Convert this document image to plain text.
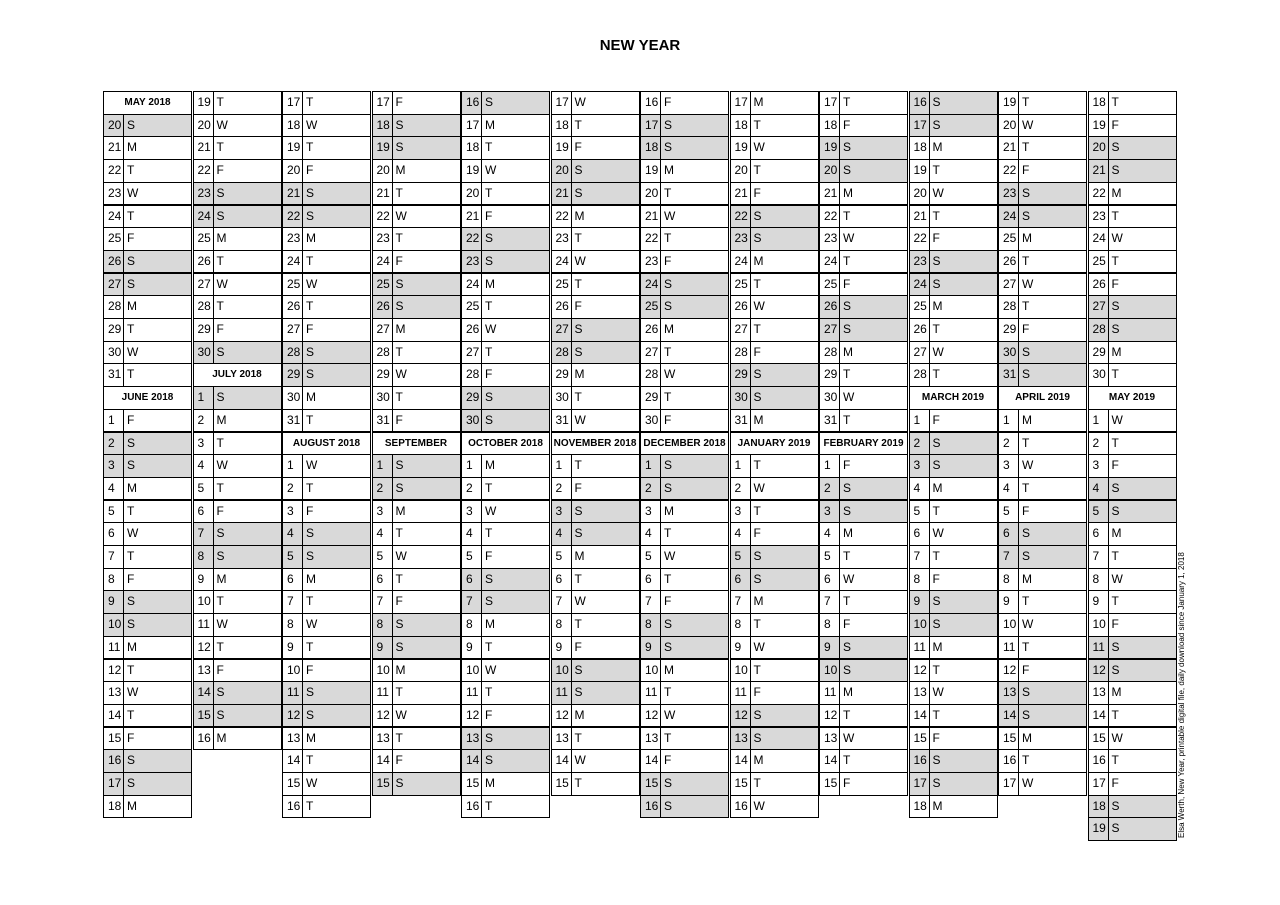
NEW YEAR
MAY 2018
20 S
21 M
22 T
23 W
24 T
25 F
26 S
27 S
28 M
29 T
30 W
31 T
JUNE 2018
1	F
2	S
3	S
4	M
5	T
6	W
7	T
8	F
9	S
10 S
11 M
12 T
13 W
14 T
15 F
16 S
17 S
18 M
19 T
20 W
21 T
22 F
23 S
24 S
25 M
26 T
27 W
28 T
29 F
30 S
JULY 2018
1	S
2	M
3	T
4	W
5	T
6	F
7	S
8	S
9	M
10 T
11 W
12 T
13 F
14 S
15 S
16 M
17 T
18 W
19 T
20 F
21 S
22 S
23 M
24 T
25 W
26 T
27 F
28 S
29 S
30 M
31 T
AUGUST 2018
1	W
2	T
3	F
4	S
5	S
6	M
7	T
8	W
9	T
10 F
11 S
12 S
13 M
14 T
15 W
16 T
17 F
18 S
19 S
20 M
21 T
22 W
23 T
24 F
25 S
26 S
27 M
28 T
29 W
30 T
31 F
SEPTEMBER
1	S
2	S
3	M
4	T
5	W
6	T
7	F
8	S
9	S
10 M
11 T
12 W
13 T
14 F
15 S
16 S
17 M
18 T
19 W
20 T
21 F
22 S
23 S
24 M
25 T
26 W
27 T
28 F
29 S
30 S
OCTOBER 2018
1	M
2	T
3	W
4	T
5	F
6	S
7	S
8	M
9	T
10 W
11 T
12 F
13 S
14 S
15 M
16 T
17 W
18 T
19 F
20 S
21 S
22 M
23 T
24 W
25 T
26 F
27 S
28 S
29 M
30 T
31 W
NOVEMBER 2018
1	T
2	F
3	S
4	S
5	M
6	T
7	W
8	T
9	F
10 S
11 S
12 M
13 T
14 W
15 T
16 F
17 S
18 S
19 M
20 T
21 W
22 T
23 F
24 S
25 S
26 M
27 T
28 W
29 T
30 F
DECEMBER 2018
1	S
2	S
3	M
4	T
5	W
6	T
7	F
8	S
9	S
10 M
11 T
12 W
13 T
14 F
15 S
16 S
17 M
18 T
19 W
20 T
21 F
22 S
23 S
24 M
25 T
26 W
27 T
28 F
29 S
30 S
31 M
JANUARY 2019
1	T
2	W
3	T
4	F
5	S
6	S
7	M
8	T
9	W
10 T
11 F
12 S
13 S
14 M
15 T
16 W
17 T
18 F
19 S
20 S
21 M
22 T
23 W
24 T
25 F
26 S
27 S
28 M
29 T
30 W
31 T
FEBRUARY 2019
1	F
2	S
3	S
4	M
5	T
6	W
7	T
8	F
9	S
10 S
11 M
12 T
13 W
14 T
15 F
16 S
17 S
18 M
19 T
20 W
21 T
22 F
23 S
24 S
25 M
26 T
27 W
28 T
MARCH 2019
1	F
2	S
3	S
4	M
5	T
6	W
7	T
8	F
9	S
10 S
11 M
12 T
13 W
14 T
15 F
16 S
17 S
18 M
19 T
20 W
21 T
22 F
23 S
24 S
25 M
26 T
27 W
28 T
29 F
30 S
31 S
APRIL 2019
1	M
2	T
3	W
4	T
5	F
6	S
7	S
8	M
9	T
10 W
11 T
12 F
13 S
14 S
15 M
16 T
17 W
18 T
19 F
20 S
21 S
22 M
23 T
24 W
25 T
26 F
27 S
28 S
29 M
30 T
MAY 2019
1	W
2	T
3	F
4	S
5	S
6	M
7	T
8	W
9	T
10 F
11 S
12 S
13 M
14 T
15 W
16 T
17 F
18 S
19 S	Elsa Werth, New Year, printable digital file, daily download since January 1, 2018
